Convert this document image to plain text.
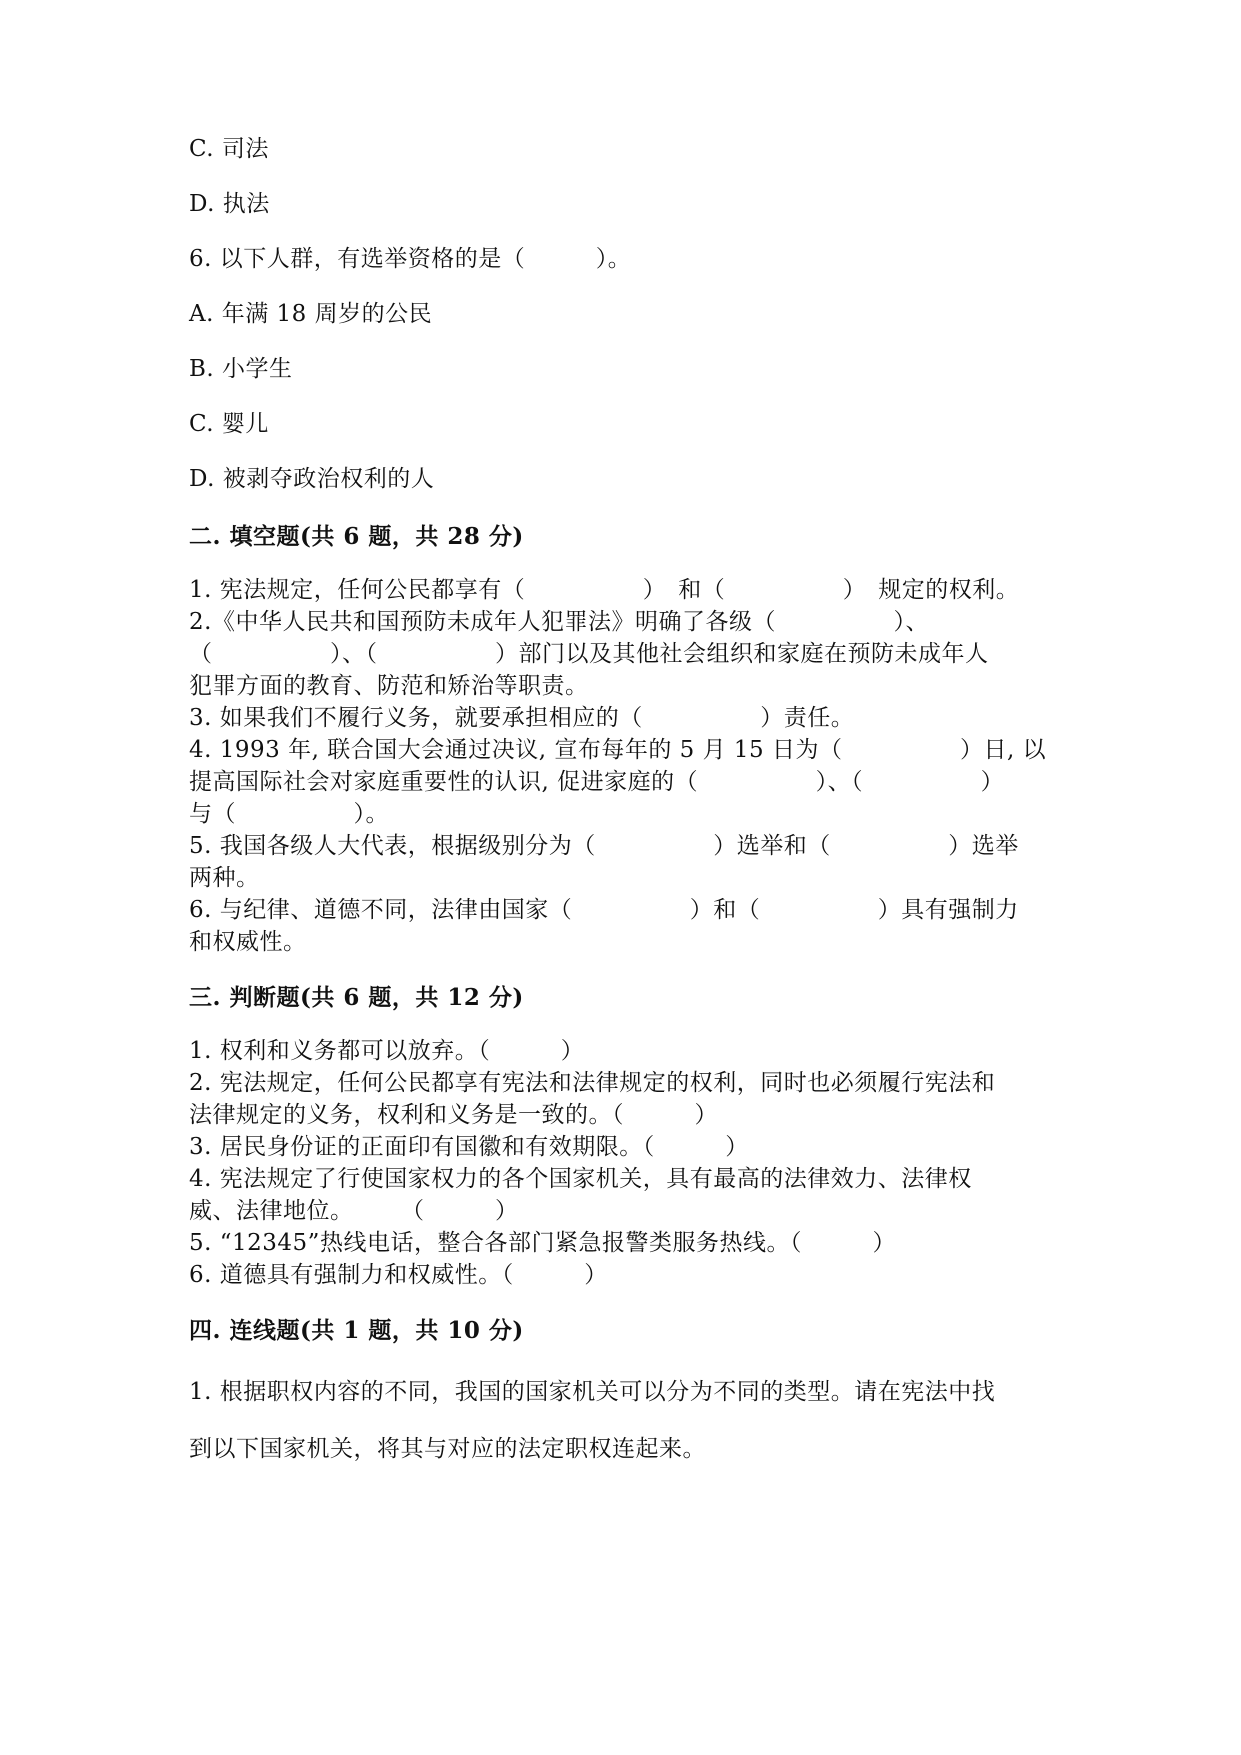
C. 司法
D. 执法
6. 以下人群，有选举资格的是（　　　）。
A. 年满 18 周岁的公民
B. 小学生
C. 婴儿
D. 被剥夺政治权利的人
二. 填空题(共 6 题，共 28 分)
1. 宪法规定，任何公民都享有（　　　　　）　和（　　　　　）　规定的权利。
2.《中华人民共和国预防未成年人犯罪法》明确了各级（　　　　　）、
（　　　　　）、（　　　　　）部门以及其他社会组织和家庭在预防未成年人
犯罪方面的教育、防范和矫治等职责。
3. 如果我们不履行义务，就要承担相应的（　　　　　）责任。
4. 1993 年, 联合国大会通过决议, 宣布每年的 5 月 15 日为（　　　　　）日, 以
提高国际社会对家庭重要性的认识, 促进家庭的（　　　　　）、（　　　　　）
与（　　　　　）。
5. 我国各级人大代表，根据级别分为（　　　　　）选举和（　　　　　）选举
两种。
6. 与纪律、道德不同，法律由国家（　　　　　）和（　　　　　）具有强制力
和权威性。
三. 判断题(共 6 题，共 12 分)
1. 权利和义务都可以放弃。（　　　）
2. 宪法规定，任何公民都享有宪法和法律规定的权利，同时也必须履行宪法和
法律规定的义务，权利和义务是一致的。（　　　）
3. 居民身份证的正面印有国徽和有效期限。（　　　）
4. 宪法规定了行使国家权力的各个国家机关，具有最高的法律效力、法律权
威、法律地位。　　　（　　　）
5. “12345”热线电话，整合各部门紧急报警类服务热线。（　　　）
6. 道德具有强制力和权威性。（　　　）
四. 连线题(共 1 题，共 10 分)
1. 根据职权内容的不同，我国的国家机关可以分为不同的类型。请在宪法中找
到以下国家机关，将其与对应的法定职权连起来。
